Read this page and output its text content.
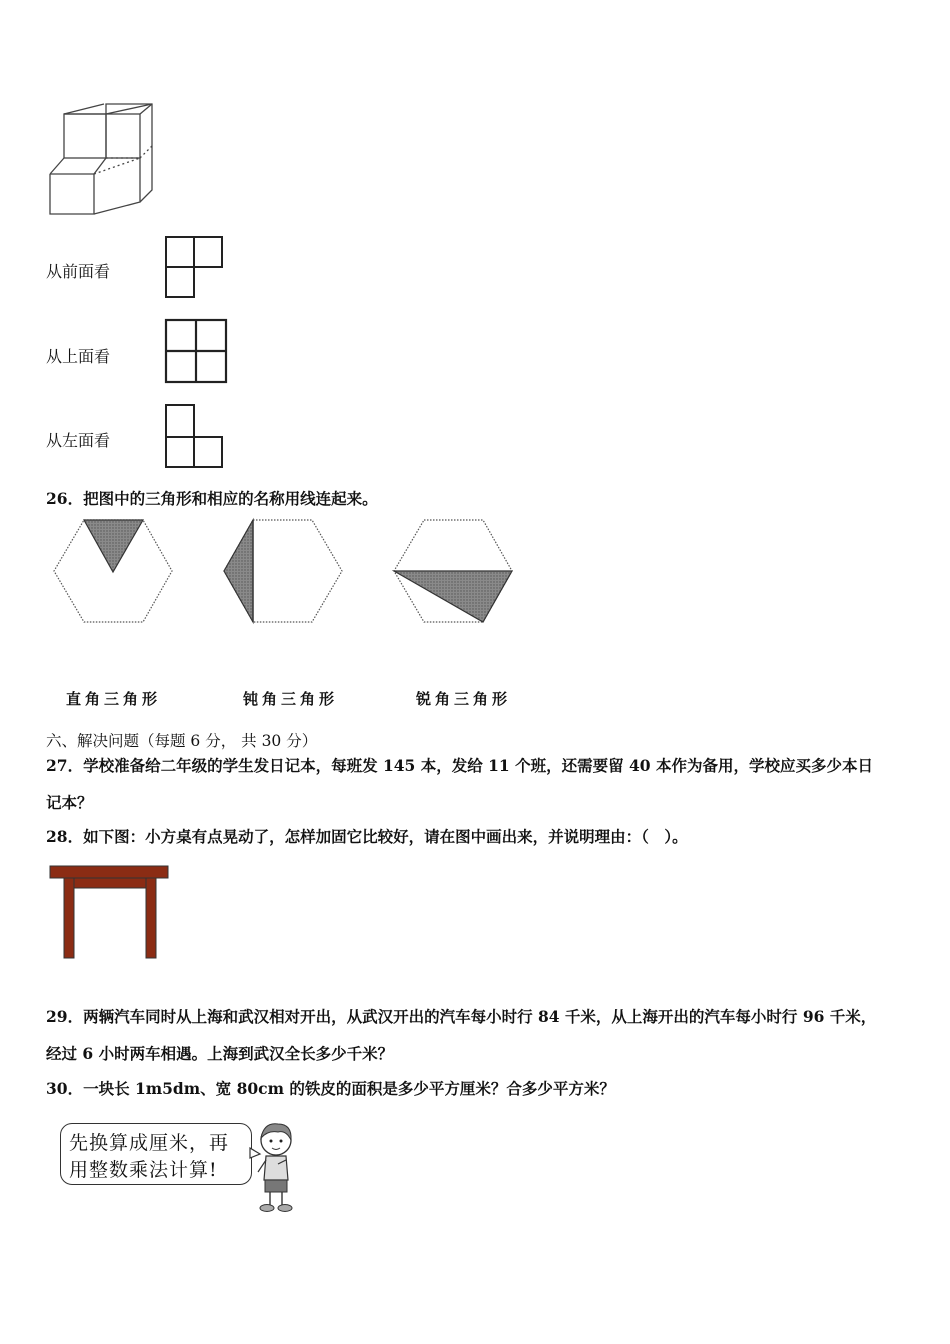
从前面看
从上面看
从左面看
26．把图中的三角形和相应的名称用线连起来。
直角三角形	钝角三角形	锐角三角形
六、解决问题（每题 6 分， 共 30 分）
27．学校准备给二年级的学生发日记本，每班发 145 本，发给 11 个班，还需要留 40 本作为备用，学校应买多少本日
记本？
28．如下图：小方桌有点晃动了，怎样加固它比较好，请在图中画出来，并说明理由：（　）。
29．两辆汽车同时从上海和武汉相对开出，从武汉开出的汽车每小时行 84 千米，从上海开出的汽车每小时行 96 千米，
经过 6 小时两车相遇。上海到武汉全长多少千米？
30．一块长 1m5dm、宽 80cm 的铁皮的面积是多少平方厘米？合多少平方米？
先换算成厘米，再
用整数乘法计算!
